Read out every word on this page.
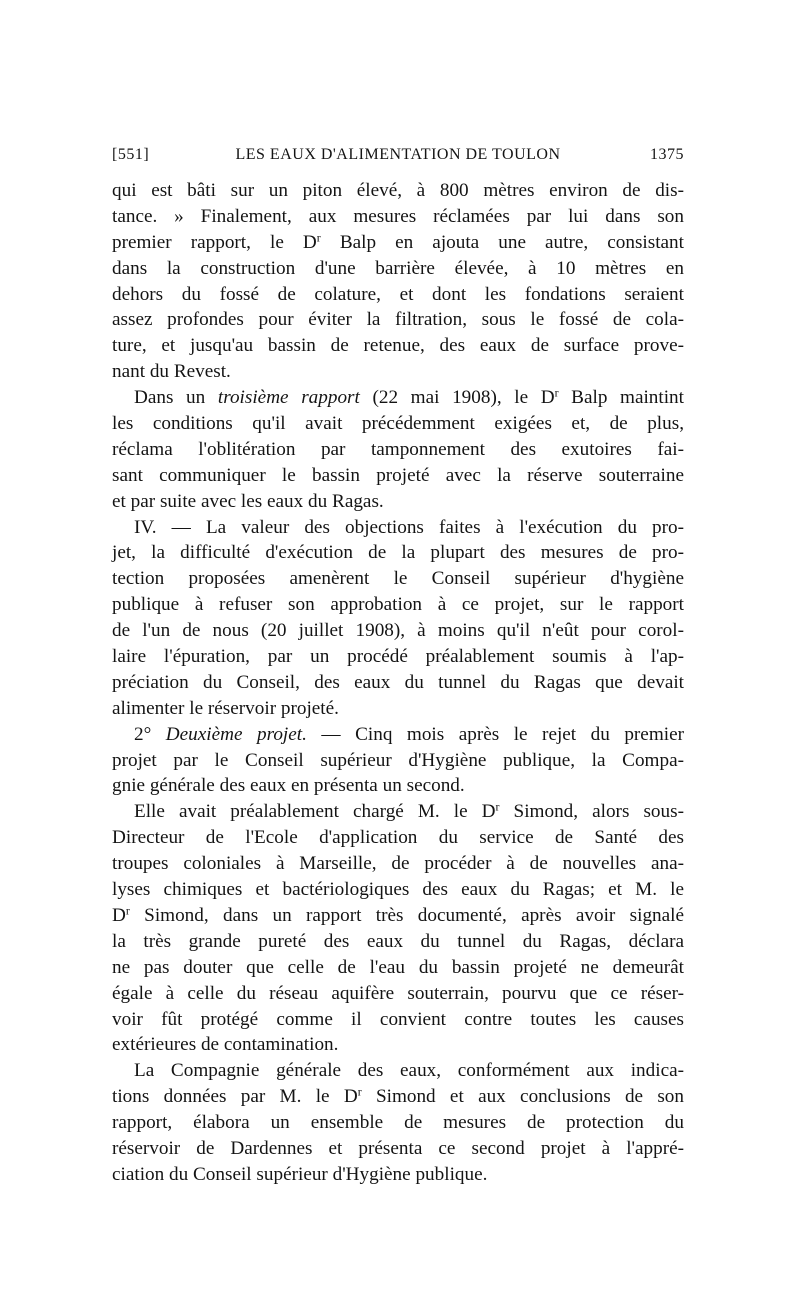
[551]	LES EAUX D'ALIMENTATION DE TOULON	1375
qui est bâti sur un piton élevé, à 800 mètres environ de dis-
tance. » Finalement, aux mesures réclamées par lui dans son
premier rapport, le $D^r$ Balp en ajouta une autre, consistant
dans la construction d'une barrière élevée, à 10 mètres en
dehors du fossé de colature, et dont les fondations seraient
assez profondes pour éviter la filtration, sous le fossé de cola-
ture, et jusqu'au bassin de retenue, des eaux de surface prove-
nant du Revest.
Dans un troisième rapport (22 mai 1908), le $D^r$ Balp maintint
les conditions qu'il avait précédemment exigées et, de plus,
réclama l'oblitération par tamponnement des exutoires fai-
sant communiquer le bassin projeté avec la réserve souterraine
et par suite avec les eaux du Ragas.
IV. — La valeur des objections faites à l'exécution du pro-
jet, la difficulté d'exécution de la plupart des mesures de pro-
tection proposées amenèrent le Conseil supérieur d'hygiène
publique à refuser son approbation à ce projet, sur le rapport
de l'un de nous (20 juillet 1908), à moins qu'il n'eût pour corol-
laire l'épuration, par un procédé préalablement soumis à l'ap-
préciation du Conseil, des eaux du tunnel du Ragas que devait
alimenter le réservoir projeté.
2° Deuxième projet. — Cinq mois après le rejet du premier
projet par le Conseil supérieur d'Hygiène publique, la Compa-
gnie générale des eaux en présenta un second.
Elle avait préalablement chargé M. le $D^r$ Simond, alors sous-
Directeur de l'Ecole d'application du service de Santé des
troupes coloniales à Marseille, de procéder à de nouvelles ana-
lyses chimiques et bactériologiques des eaux du Ragas; et M. le
$D^r$ Simond, dans un rapport très documenté, après avoir signalé
la très grande pureté des eaux du tunnel du Ragas, déclara
ne pas douter que celle de l'eau du bassin projeté ne demeurât
égale à celle du réseau aquifère souterrain, pourvu que ce réser-
voir fût protégé comme il convient contre toutes les causes
extérieures de contamination.
La Compagnie générale des eaux, conformément aux indica-
tions données par M. le $D^r$ Simond et aux conclusions de son
rapport, élabora un ensemble de mesures de protection du
réservoir de Dardennes et présenta ce second projet à l'appré-
ciation du Conseil supérieur d'Hygiène publique.
